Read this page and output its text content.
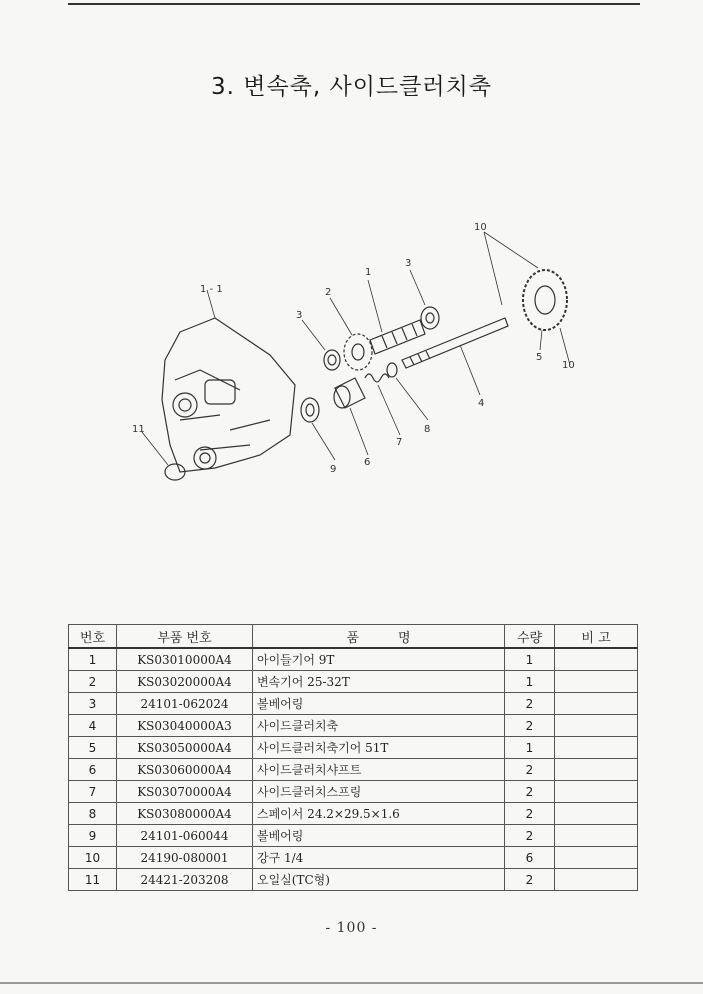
3. 변속축, 사이드클러치축
1
2
3
3
4
5
6
7
8
9
10
10
11
1 - 1
번호	부품 번호	품　　　명	수량	비 고
1	KS03010000A4	아이들기어 9T	1	
2	KS03020000A4	변속기어 25-32T	1	
3	24101-062024	볼베어링	2	
4	KS03040000A3	사이드클러치축	2	
5	KS03050000A4	사이드클러치축기어 51T	1	
6	KS03060000A4	사이드클러치샤프트	2	
7	KS03070000A4	사이드클러치스프링	2	
8	KS03080000A4	스페이서 24.2×29.5×1.6	2	
9	24101-060044	볼베어링	2	
10	24190-080001	강구 1/4	6	
11	24421-203208	오일실(TC형)	2	
- 100 -
